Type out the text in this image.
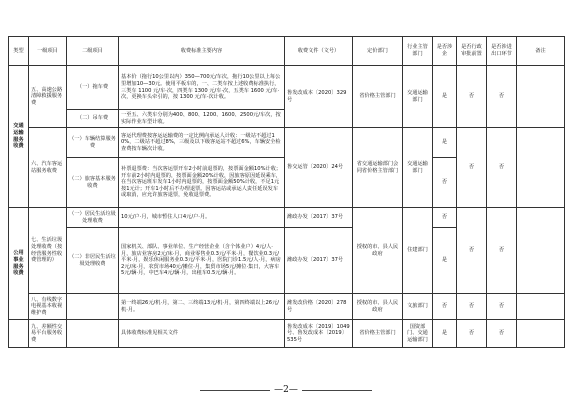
类型	一级项目	二级项目	收费标准主要内容	收费文件（文号）	定价部门	行业主管部门	是否涉企	是否行政审批前置	是否涉进出口环节	备注
交通运输服务收费	五、高速公路清障救援服务费	（一）拖车费	基本价（拖行10公里以内）350—700元/车次，拖行10公里以上每公里增加10—30元。使用平板车的，一、二类车按上述收费标准执行，三类车 1100 元/车·次，四类车 1300 元/车·次，五类车 1600 元/车·次，更换车头牵引的，按 1300 元/车·次计收。	鲁发改成本〔2020〕329号	省价格主管部门	交通运输部门	是	否	否	
		（二）吊车费	一至五、六类车分别为400、800、1200、1600、2500元/车次，按实际作业车型计收。							
	六、汽车客运站服务收费	（一）车辆结算服务费	客运代理费按客运运输费的一定比例向承运人计收：一级站不超过10%，二级站不超过8%，三级及以下级客运站不超过6%，车辆安全检查费按车辆次计收。	鲁交运管〔2020〕24号	省交通运输部门会同省价格主管部门	交通运输部门	是	否	否	
		（二）旅客基本服务收费	补票退票费：当次客运票开车2小时前退票的，按票面金额10%计收；开车前2小时内退票的，按票面金额20%计收，因旅客原因延误乘车，在当次客运班车发车1小时内退票的，按票面金额50%计收，不足1元按1元计；开车1小时后不办理退票。因客运站或承运人责任延误发车或取消，应允许旅客退票，免收退票费。				否			
公用事业服务收费	七、生活垃圾处理收费（按经营服务性收费管理的）	（一）居民生活垃圾处理收费	10元/户·月，城市暂住人口4元/户·月。	潍政办发〔2017〕37号	授权的市、县人民政府	住建部门	否	否	否	
		（二）非居民生活垃圾处理收费	国家机关、部队、事业单位、生产经营企业（含个体业户）4元/人·月，旅店业客房2元/床·月，商业零售业0.3元/平米·月，餐饮业0.3元/平米·月，娱乐休闲服务业0.3元/平米·月，医院门诊1.5元/人·月，病房2元/床·月，农贸市场40元/摊位·月，集贸市场5元/摊位·集日，大客车5元/辆·月，中巴车4元/辆·月，出租车0.5元/辆·月。	潍政办发〔2017〕37号			是			
	八、有线数字电视基本收视维护费		第一终端26元/机·月，第二、三终端13元/机·月，第四终端以上26元/机·月。	潍发改价格〔2020〕278号	授权的市、县人民政府	文旅部门	否	否	否	
	九、差额性交易平台服务收费		具体收费标准见相关文件	鲁发改成本〔2019〕1049号、鲁发改成本〔2019〕535号	省价格主管部门	国资部门、交通运输部门	是	否	否	
—2—
